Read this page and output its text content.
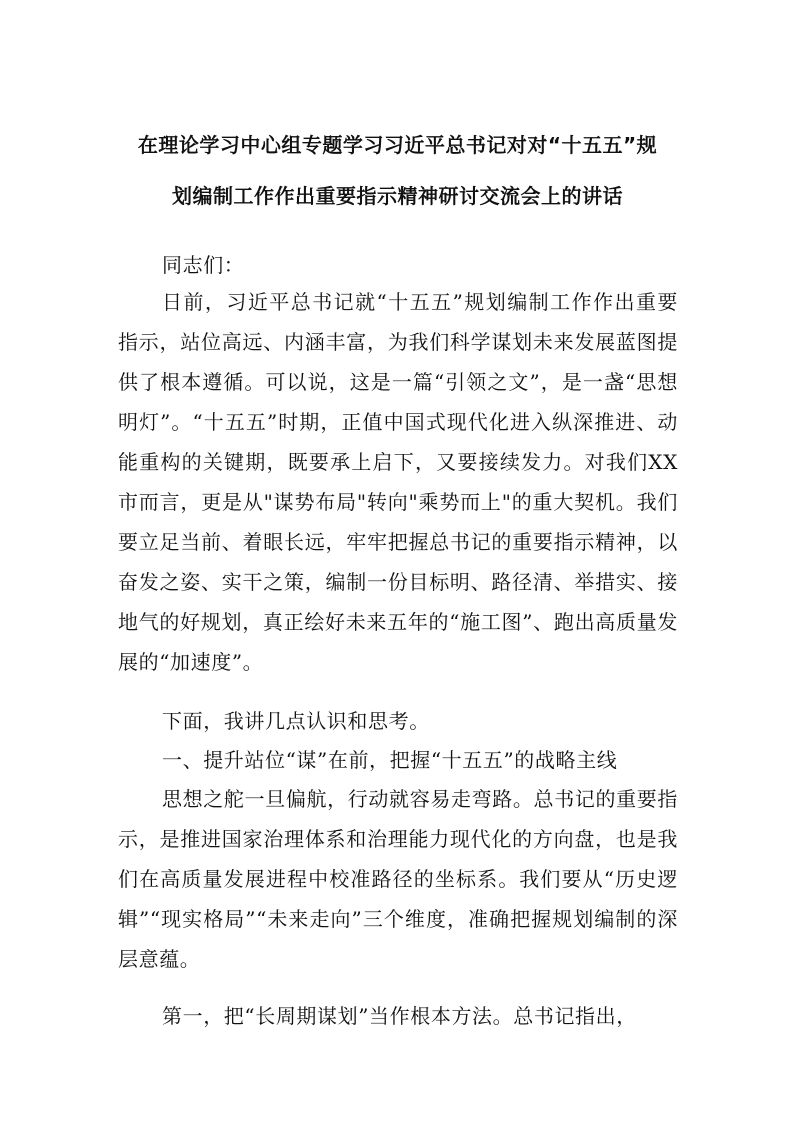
在理论学习中心组专题学习习近平总书记对对“十五五”规
划编制工作作出重要指示精神研讨交流会上的讲话
同志们：
日前，习近平总书记就“十五五”规划编制工作作出重要指示，站位高远、内涵丰富，为我们科学谋划未来发展蓝图提供了根本遵循。可以说，这是一篇“引领之文”，是一盏“思想明灯”。“十五五”时期，正值中国式现代化进入纵深推进、动能重构的关键期，既要承上启下，又要接续发力。对我们XX市而言，更是从"谋势布局"转向"乘势而上"的重大契机。我们要立足当前、着眼长远，牢牢把握总书记的重要指示精神，以奋发之姿、实干之策，编制一份目标明、路径清、举措实、接地气的好规划，真正绘好未来五年的“施工图”、跑出高质量发展的“加速度”。
下面，我讲几点认识和思考。
一、提升站位“谋”在前，把握“十五五”的战略主线
思想之舵一旦偏航，行动就容易走弯路。总书记的重要指示，是推进国家治理体系和治理能力现代化的方向盘，也是我们在高质量发展进程中校准路径的坐标系。我们要从“历史逻辑”“现实格局”“未来走向”三个维度，准确把握规划编制的深层意蕴。
第一，把“长周期谋划”当作根本方法。总书记指出，
